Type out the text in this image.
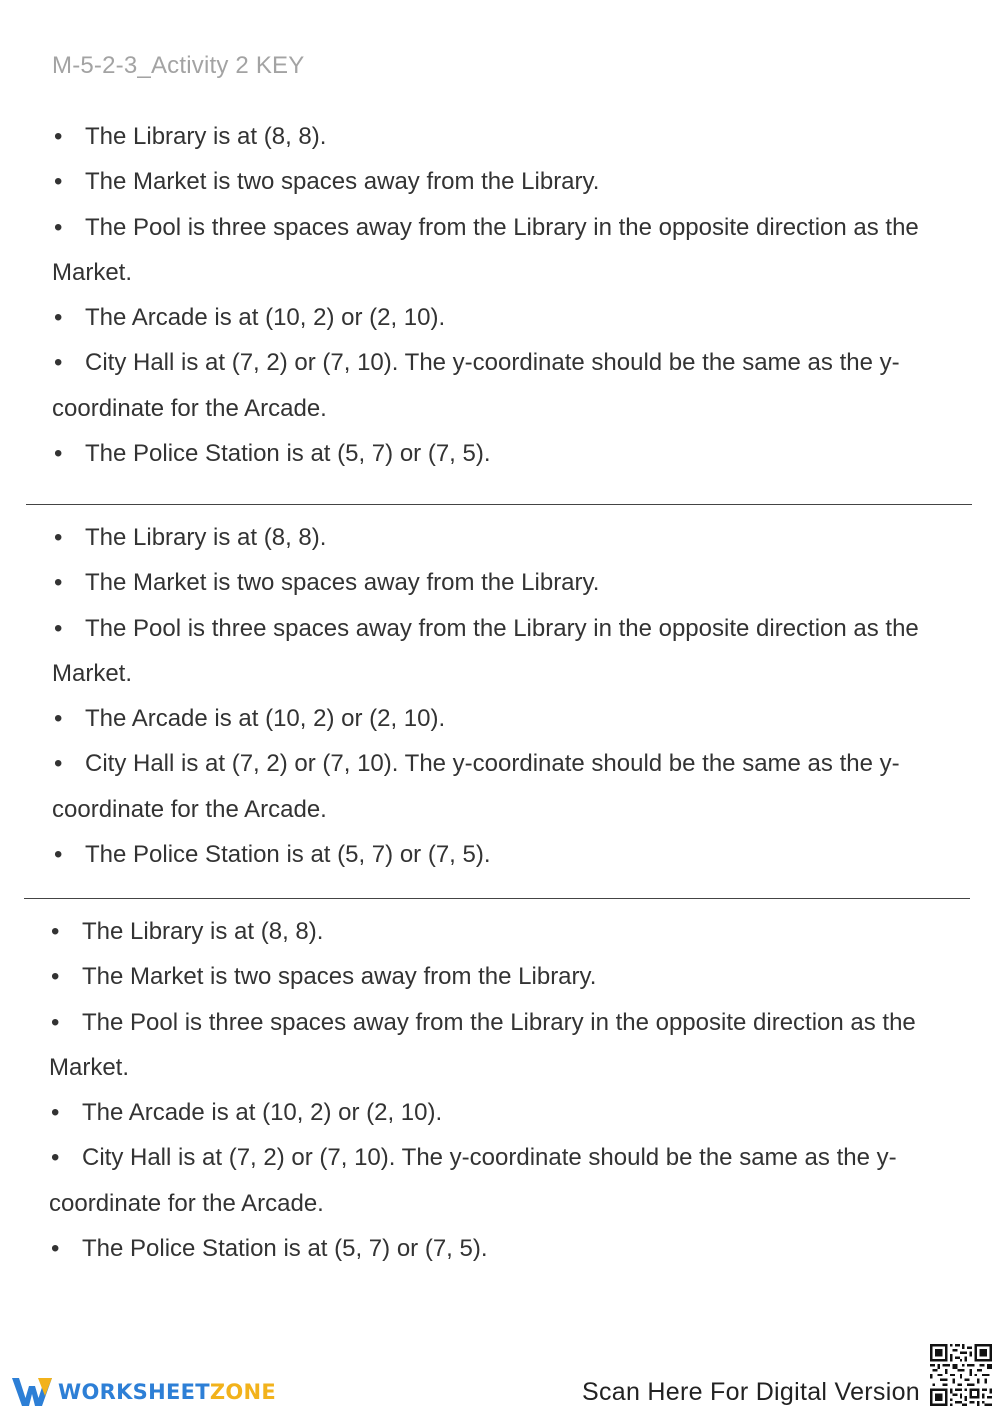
M-5-2-3_Activity 2 KEY
• The Library is at (8, 8).
• The Market is two spaces away from the Library.
• The Pool is three spaces away from the Library in the opposite direction as the
Market.
• The Arcade is at (10, 2) or (2, 10).
• City Hall is at (7, 2) or (7, 10). The y-coordinate should be the same as the y-
coordinate for the Arcade.
• The Police Station is at (5, 7) or (7, 5).
• The Library is at (8, 8).
• The Market is two spaces away from the Library.
• The Pool is three spaces away from the Library in the opposite direction as the
Market.
• The Arcade is at (10, 2) or (2, 10).
• City Hall is at (7, 2) or (7, 10). The y-coordinate should be the same as the y-
coordinate for the Arcade.
• The Police Station is at (5, 7) or (7, 5).
• The Library is at (8, 8).
• The Market is two spaces away from the Library.
• The Pool is three spaces away from the Library in the opposite direction as the
Market.
• The Arcade is at (10, 2) or (2, 10).
• City Hall is at (7, 2) or (7, 10). The y-coordinate should be the same as the y-
coordinate for the Arcade.
• The Police Station is at (5, 7) or (7, 5).
WORKSHEETZONE	Scan Here For Digital Version
